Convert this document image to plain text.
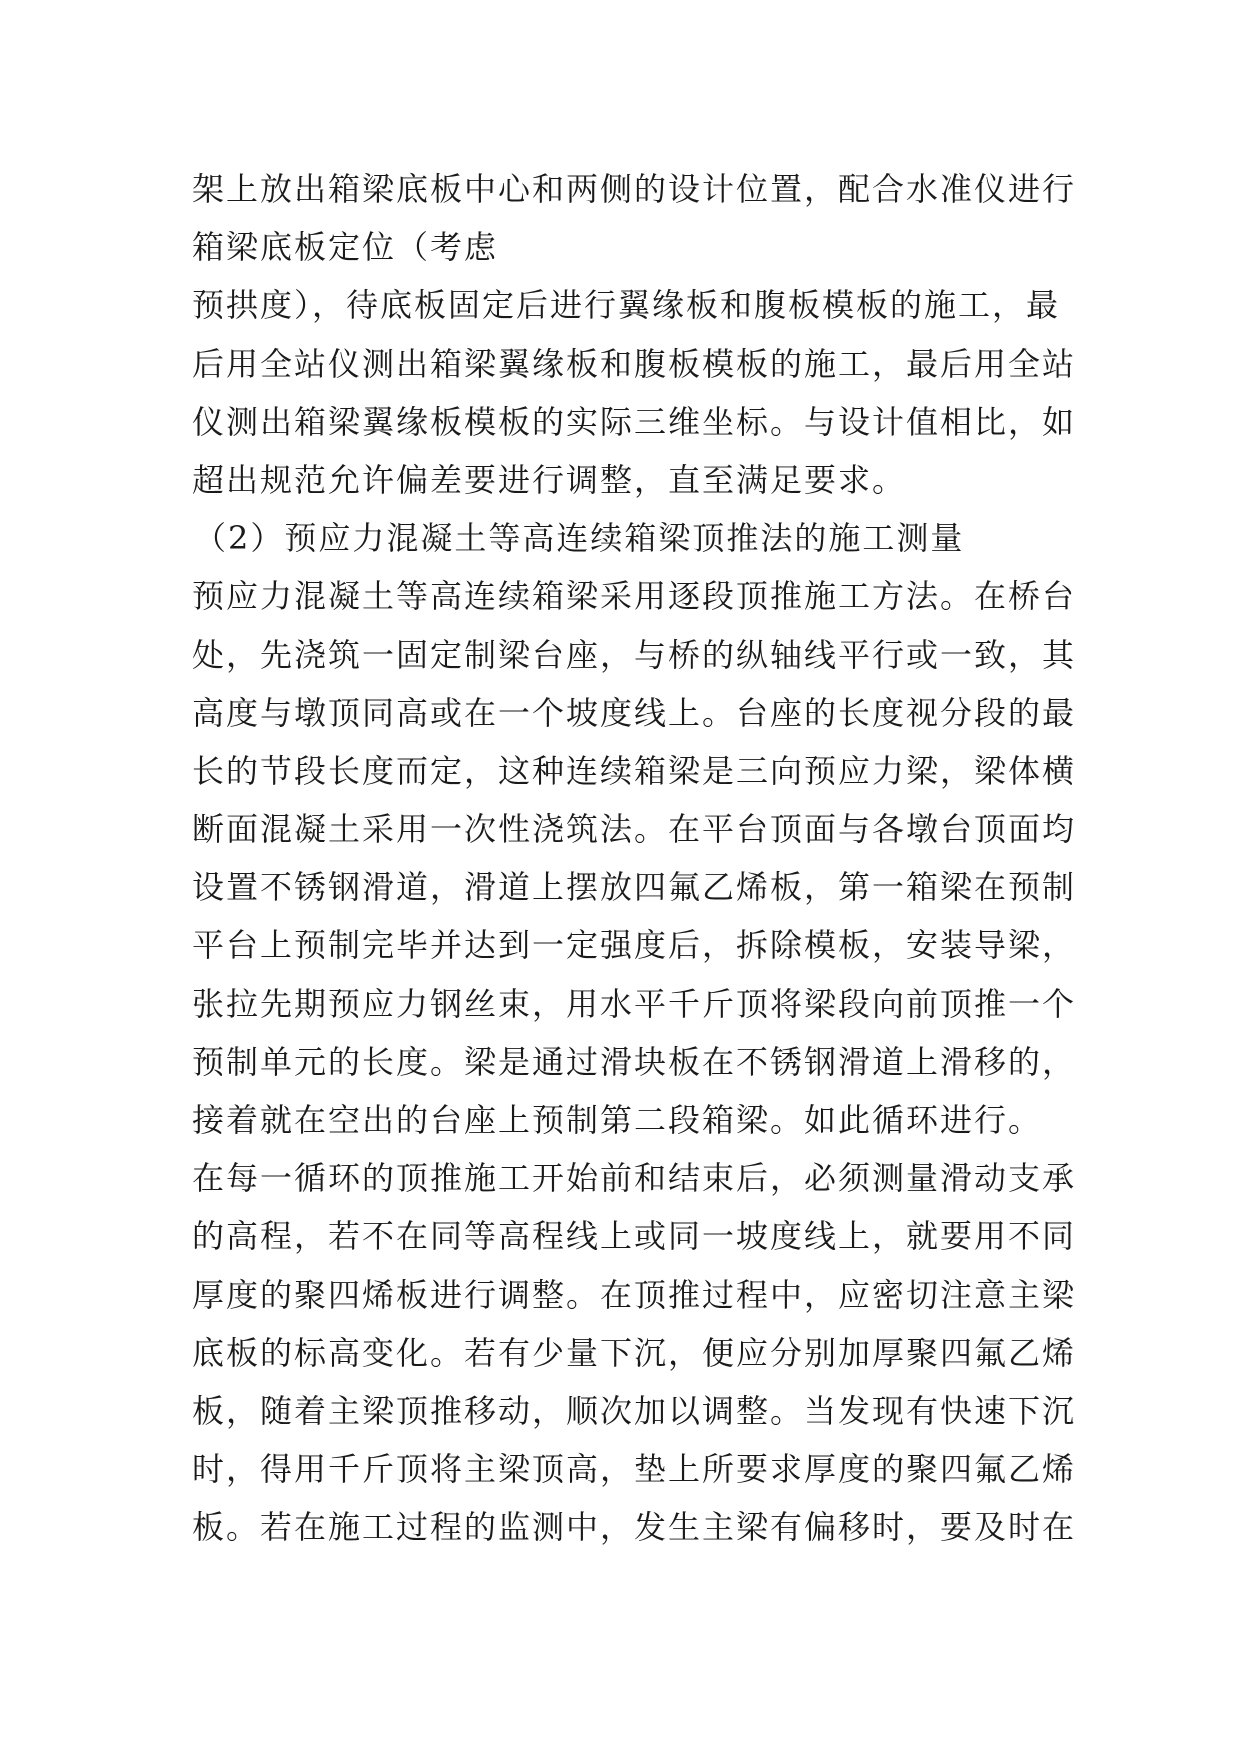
架上放出箱梁底板中心和两侧的设计位置，配合水准仪进行
箱梁底板定位（考虑
预拱度），待底板固定后进行翼缘板和腹板模板的施工，最
后用全站仪测出箱梁翼缘板和腹板模板的施工，最后用全站
仪测出箱梁翼缘板模板的实际三维坐标。与设计值相比，如
超出规范允许偏差要进行调整，直至满足要求。
（2）预应力混凝土等高连续箱梁顶推法的施工测量
预应力混凝土等高连续箱梁采用逐段顶推施工方法。在桥台
处，先浇筑一固定制梁台座，与桥的纵轴线平行或一致，其
高度与墩顶同高或在一个坡度线上。台座的长度视分段的最
长的节段长度而定，这种连续箱梁是三向预应力梁，梁体横
断面混凝土采用一次性浇筑法。在平台顶面与各墩台顶面均
设置不锈钢滑道，滑道上摆放四氟乙烯板，第一箱梁在预制
平台上预制完毕并达到一定强度后，拆除模板，安装导梁，
张拉先期预应力钢丝束，用水平千斤顶将梁段向前顶推一个
预制单元的长度。梁是通过滑块板在不锈钢滑道上滑移的，
接着就在空出的台座上预制第二段箱梁。如此循环进行。
在每一循环的顶推施工开始前和结束后，必须测量滑动支承
的高程，若不在同等高程线上或同一坡度线上，就要用不同
厚度的聚四烯板进行调整。在顶推过程中，应密切注意主梁
底板的标高变化。若有少量下沉，便应分别加厚聚四氟乙烯
板，随着主梁顶推移动，顺次加以调整。当发现有快速下沉
时，得用千斤顶将主梁顶高，垫上所要求厚度的聚四氟乙烯
板。若在施工过程的监测中，发生主梁有偏移时，要及时在
